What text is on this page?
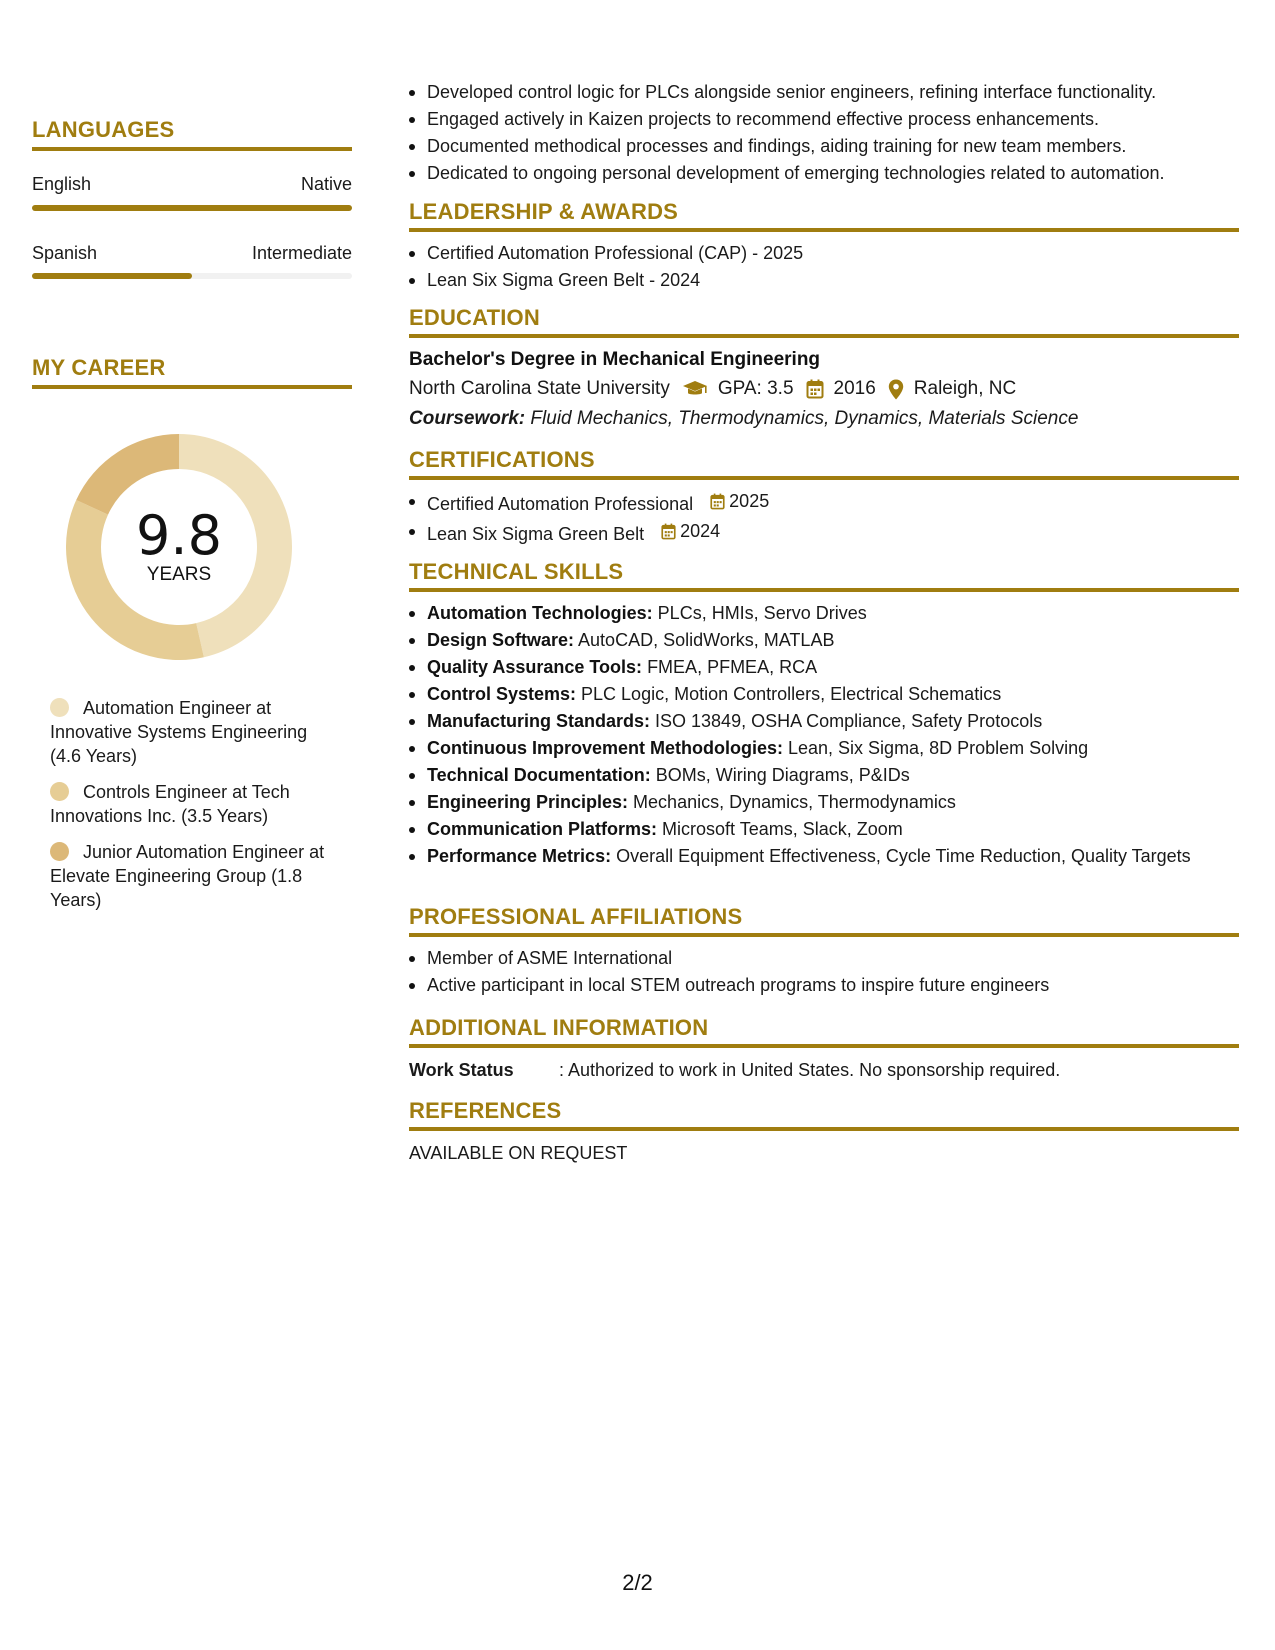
LANGUAGES
English	Native
Spanish	Intermediate
MY CAREER
9.8
YEARS
Automation Engineer at Innovative Systems Engineering (4.6 Years)
Controls Engineer at Tech Innovations Inc. (3.5 Years)
Junior Automation Engineer at Elevate Engineering Group (1.8 Years)
Developed control logic for PLCs alongside senior engineers, refining interface functionality.
Engaged actively in Kaizen projects to recommend effective process enhancements.
Documented methodical processes and findings, aiding training for new team members.
Dedicated to ongoing personal development of emerging technologies related to automation.
LEADERSHIP & AWARDS
Certified Automation Professional (CAP) - 2025
Lean Six Sigma Green Belt - 2024
EDUCATION
Bachelor's Degree in Mechanical Engineering
North Carolina State University	GPA: 3.5 2016 Raleigh, NC
Coursework: Fluid Mechanics, Thermodynamics, Dynamics, Materials Science
CERTIFICATIONS
Certified Automation Professional 2025
Lean Six Sigma Green Belt 2024
TECHNICAL SKILLS
Automation Technologies: PLCs, HMIs, Servo Drives
Design Software: AutoCAD, SolidWorks, MATLAB
Quality Assurance Tools: FMEA, PFMEA, RCA
Control Systems: PLC Logic, Motion Controllers, Electrical Schematics
Manufacturing Standards: ISO 13849, OSHA Compliance, Safety Protocols
Continuous Improvement Methodologies: Lean, Six Sigma, 8D Problem Solving
Technical Documentation: BOMs, Wiring Diagrams, P&IDs
Engineering Principles: Mechanics, Dynamics, Thermodynamics
Communication Platforms: Microsoft Teams, Slack, Zoom
Performance Metrics: Overall Equipment Effectiveness, Cycle Time Reduction, Quality Targets
PROFESSIONAL AFFILIATIONS
Member of ASME International
Active participant in local STEM outreach programs to inspire future engineers
ADDITIONAL INFORMATION
Work Status	: Authorized to work in United States. No sponsorship required.
REFERENCES
AVAILABLE ON REQUEST
2/2
